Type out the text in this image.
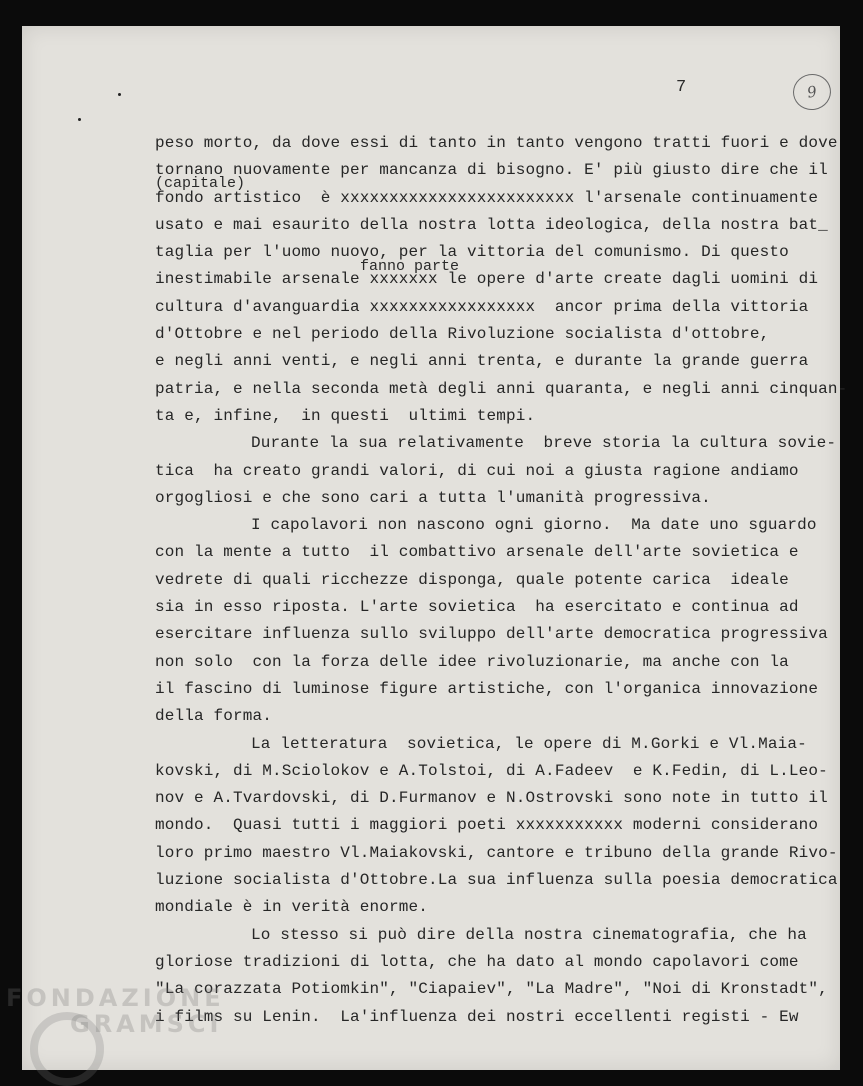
9
7
(capitale)
fanno parte
peso morto, da dove essi di tanto in tanto vengono tratti fuori e dove
tornano nuovamente per mancanza di bisogno. E' più giusto dire che il
fondo artistico  è xxxxxxxxxxxxxxxxxxxxxxxx l'arsenale continuamente
usato e mai esaurito della nostra lotta ideologica, della nostra bat_
taglia per l'uomo nuovo, per la vittoria del comunismo. Di questo
inestimabile arsenale xxxxxxx le opere d'arte create dagli uomini di
cultura d'avanguardia xxxxxxxxxxxxxxxxx  ancor prima della vittoria
d'Ottobre e nel periodo della Rivoluzione socialista d'ottobre,
e negli anni venti, e negli anni trenta, e durante la grande guerra
patria, e nella seconda metà degli anni quaranta, e negli anni cinquan-
ta e, infine,  in questi  ultimi tempi.
Durante la sua relativamente  breve storia la cultura sovie-
tica  ha creato grandi valori, di cui noi a giusta ragione andiamo
orgogliosi e che sono cari a tutta l'umanità progressiva.
I capolavori non nascono ogni giorno.  Ma date uno sguardo
con la mente a tutto  il combattivo arsenale dell'arte sovietica e
vedrete di quali ricchezze disponga, quale potente carica  ideale
sia in esso riposta. L'arte sovietica  ha esercitato e continua ad
esercitare influenza sullo sviluppo dell'arte democratica progressiva
non solo  con la forza delle idee rivoluzionarie, ma anche con la
il fascino di luminose figure artistiche, con l'organica innovazione
della forma.
La letteratura  sovietica, le opere di M.Gorki e Vl.Maia-
kovski, di M.Sciolokov e A.Tolstoi, di A.Fadeev  e K.Fedin, di L.Leo-
nov e A.Tvardovski, di D.Furmanov e N.Ostrovski sono note in tutto il
mondo.  Quasi tutti i maggiori poeti xxxxxxxxxxx moderni considerano
loro primo maestro Vl.Maiakovski, cantore e tribuno della grande Rivo-
luzione socialista d'Ottobre.La sua influenza sulla poesia democratica
mondiale è in verità enorme.
Lo stesso si può dire della nostra cinematografia, che ha
gloriose tradizioni di lotta, che ha dato al mondo capolavori come
"La corazzata Potiomkin", "Ciapaiev", "La Madre", "Noi di Kronstadt",
i films su Lenin.  La'influenza dei nostri eccellenti registi - Ew
FONDAZIONE
GRAMSCI
